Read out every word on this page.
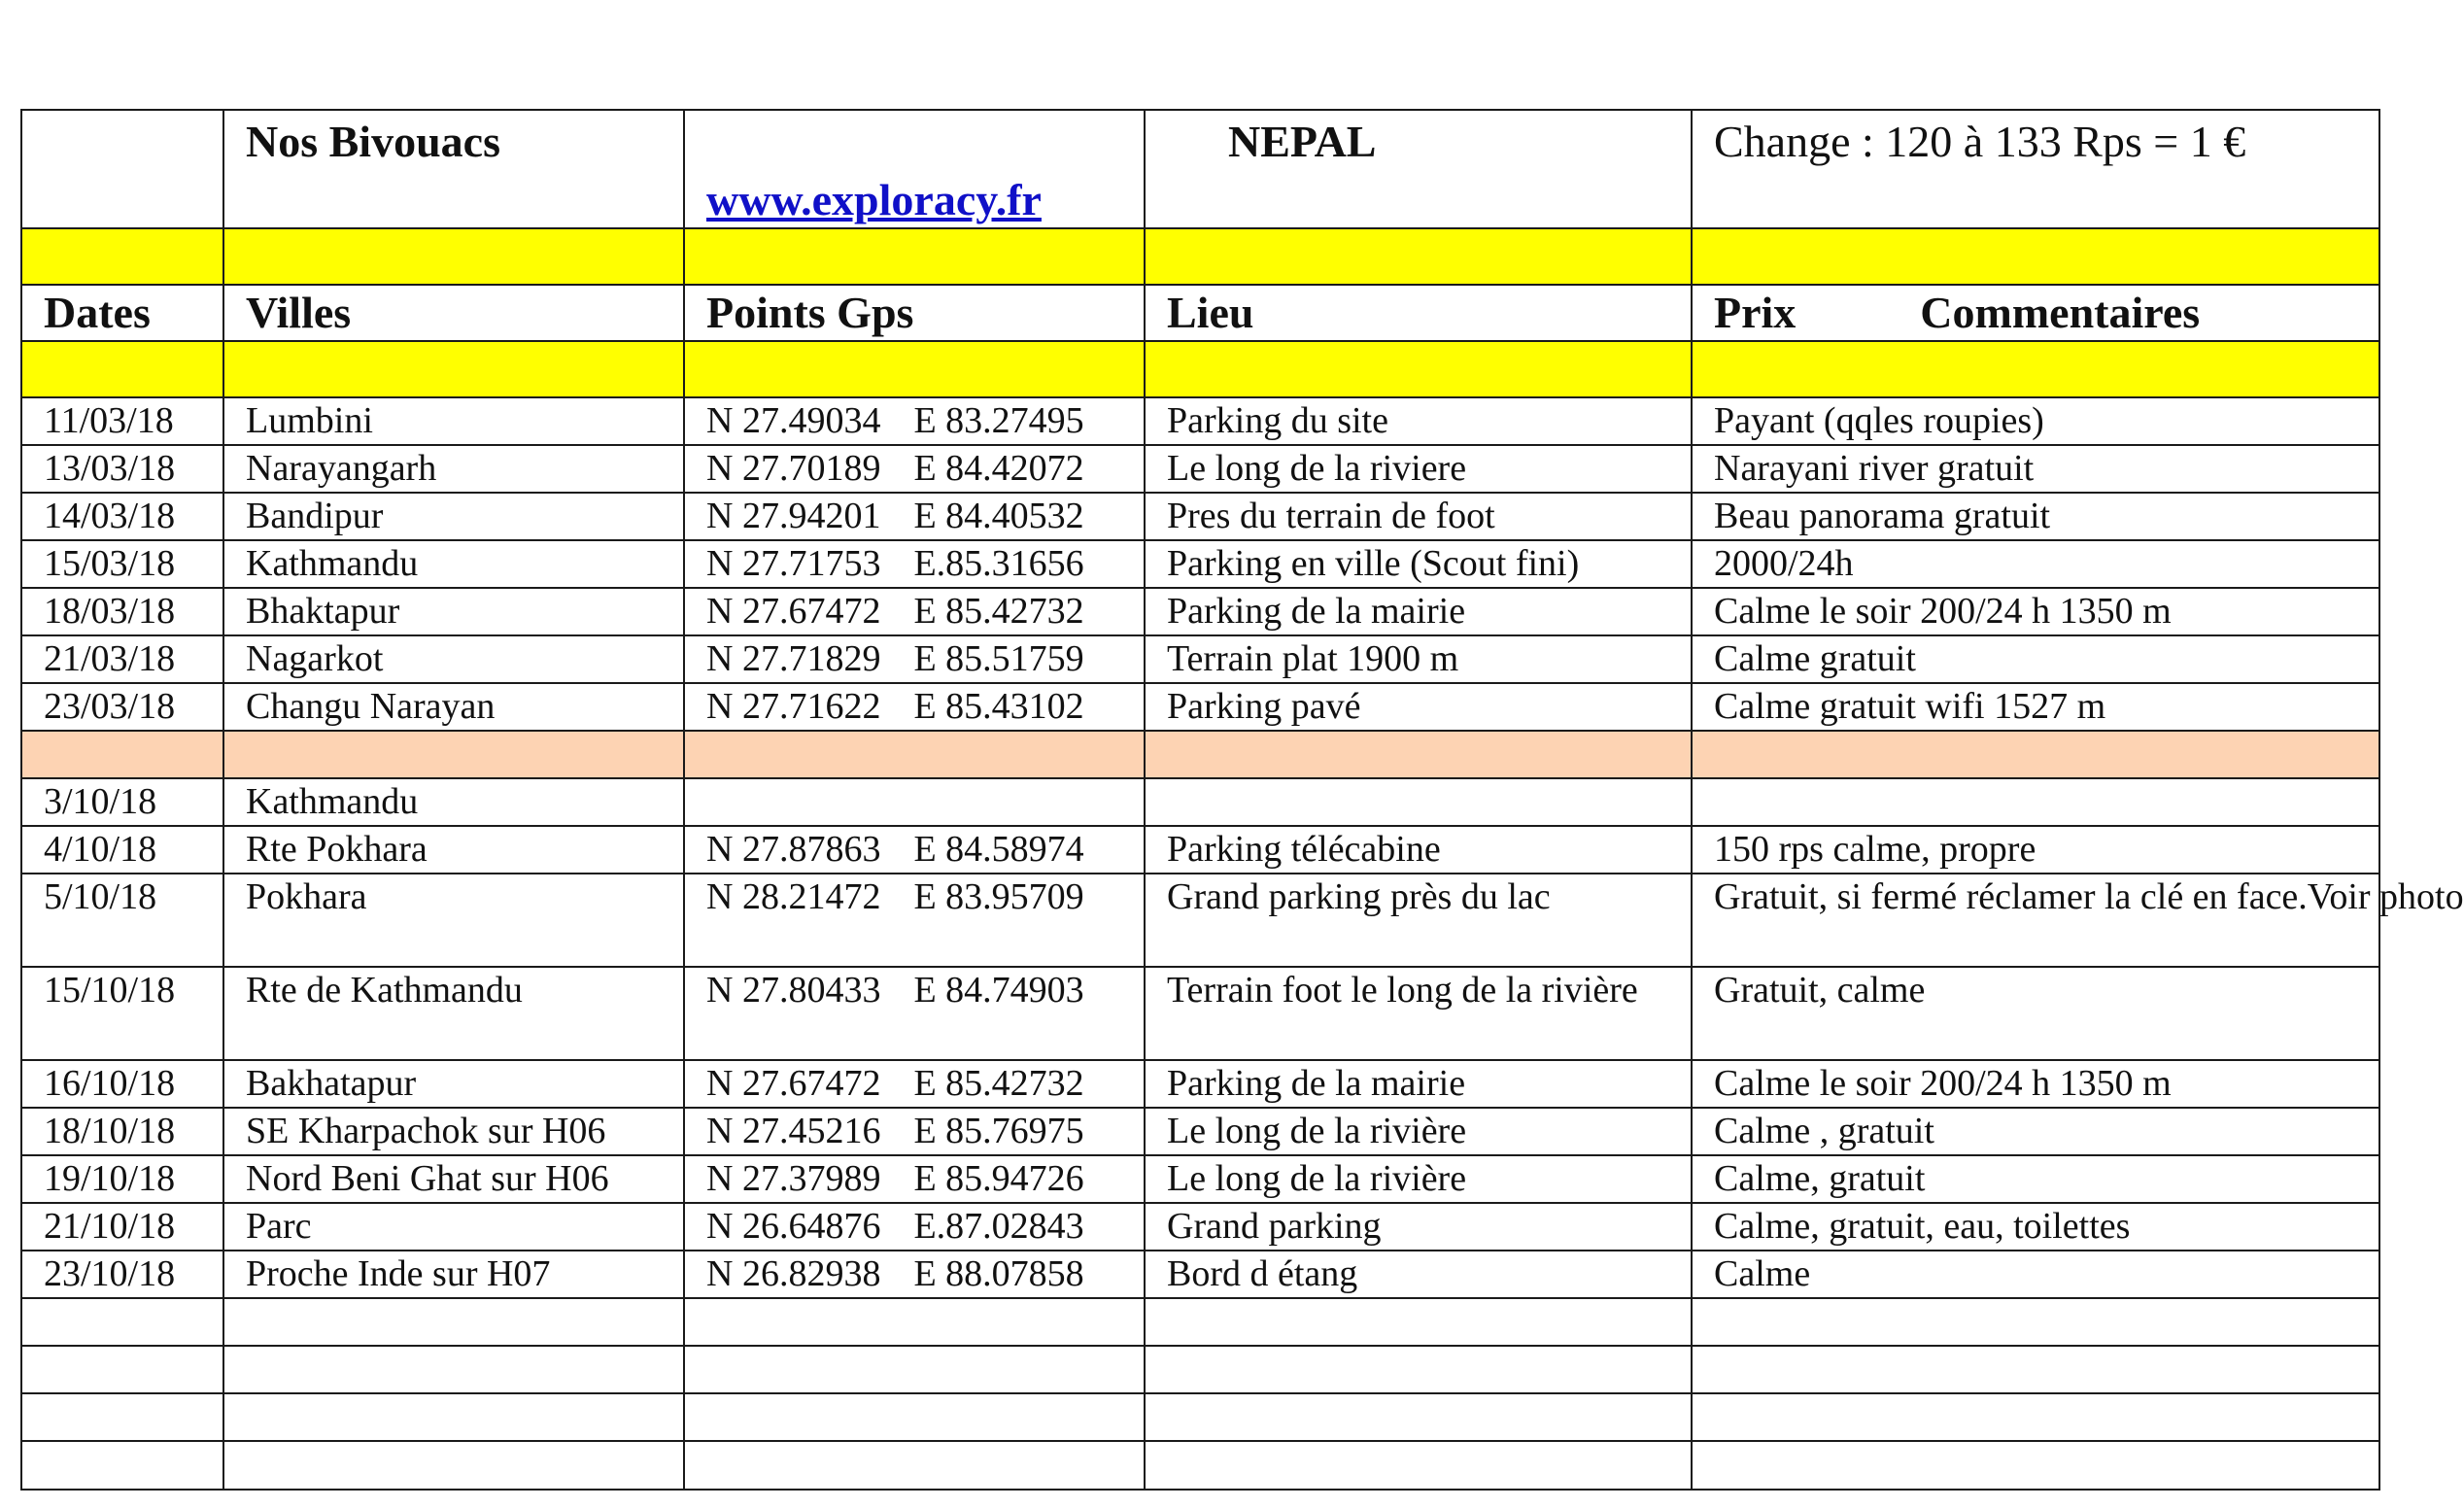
	Nos Bivouacs	www.exploracy.fr	NEPAL	Change : 120 à 133 Rps = 1 €

Dates	Villes	Points Gps	Lieu	Prix Commentaires

11/03/18	Lumbini	N 27.49034 E 83.27495	Parking du site	Payant (qqles roupies)
13/03/18	Narayangarh	N 27.70189 E 84.42072	Le long de la riviere	Narayani river gratuit
14/03/18	Bandipur	N 27.94201 E 84.40532	Pres du terrain de foot	Beau panorama gratuit
15/03/18	Kathmandu	N 27.71753 E.85.31656	Parking en ville (Scout fini)	2000/24h
18/03/18	Bhaktapur	N 27.67472 E 85.42732	Parking de la mairie	Calme le soir 200/24 h 1350 m
21/03/18	Nagarkot	N 27.71829 E 85.51759	Terrain plat 1900 m	Calme gratuit
23/03/18	Changu Narayan	N 27.71622 E 85.43102	Parking pavé	Calme gratuit wifi 1527 m

3/10/18	Kathmandu			
4/10/18	Rte Pokhara	N 27.87863 E 84.58974	Parking télécabine	150 rps calme, propre
5/10/18	Pokhara	N 28.21472 E 83.95709	Grand parking près du lac	Gratuit, si fermé réclamer la clé en face.Voir photo
15/10/18	Rte de Kathmandu	N 27.80433 E 84.74903	Terrain foot le long de la rivière	Gratuit, calme
16/10/18	Bakhatapur	N 27.67472 E 85.42732	Parking de la mairie	Calme le soir 200/24 h 1350 m
18/10/18	SE Kharpachok sur H06	N 27.45216 E 85.76975	Le long de la rivière	Calme , gratuit
19/10/18	Nord Beni Ghat sur H06	N 27.37989 E 85.94726	Le long de la rivière	Calme, gratuit
21/10/18	Parc	N 26.64876 E.87.02843	Grand parking	Calme, gratuit, eau, toilettes
23/10/18	Proche Inde sur H07	N 26.82938 E 88.07858	Bord d étang	Calme
